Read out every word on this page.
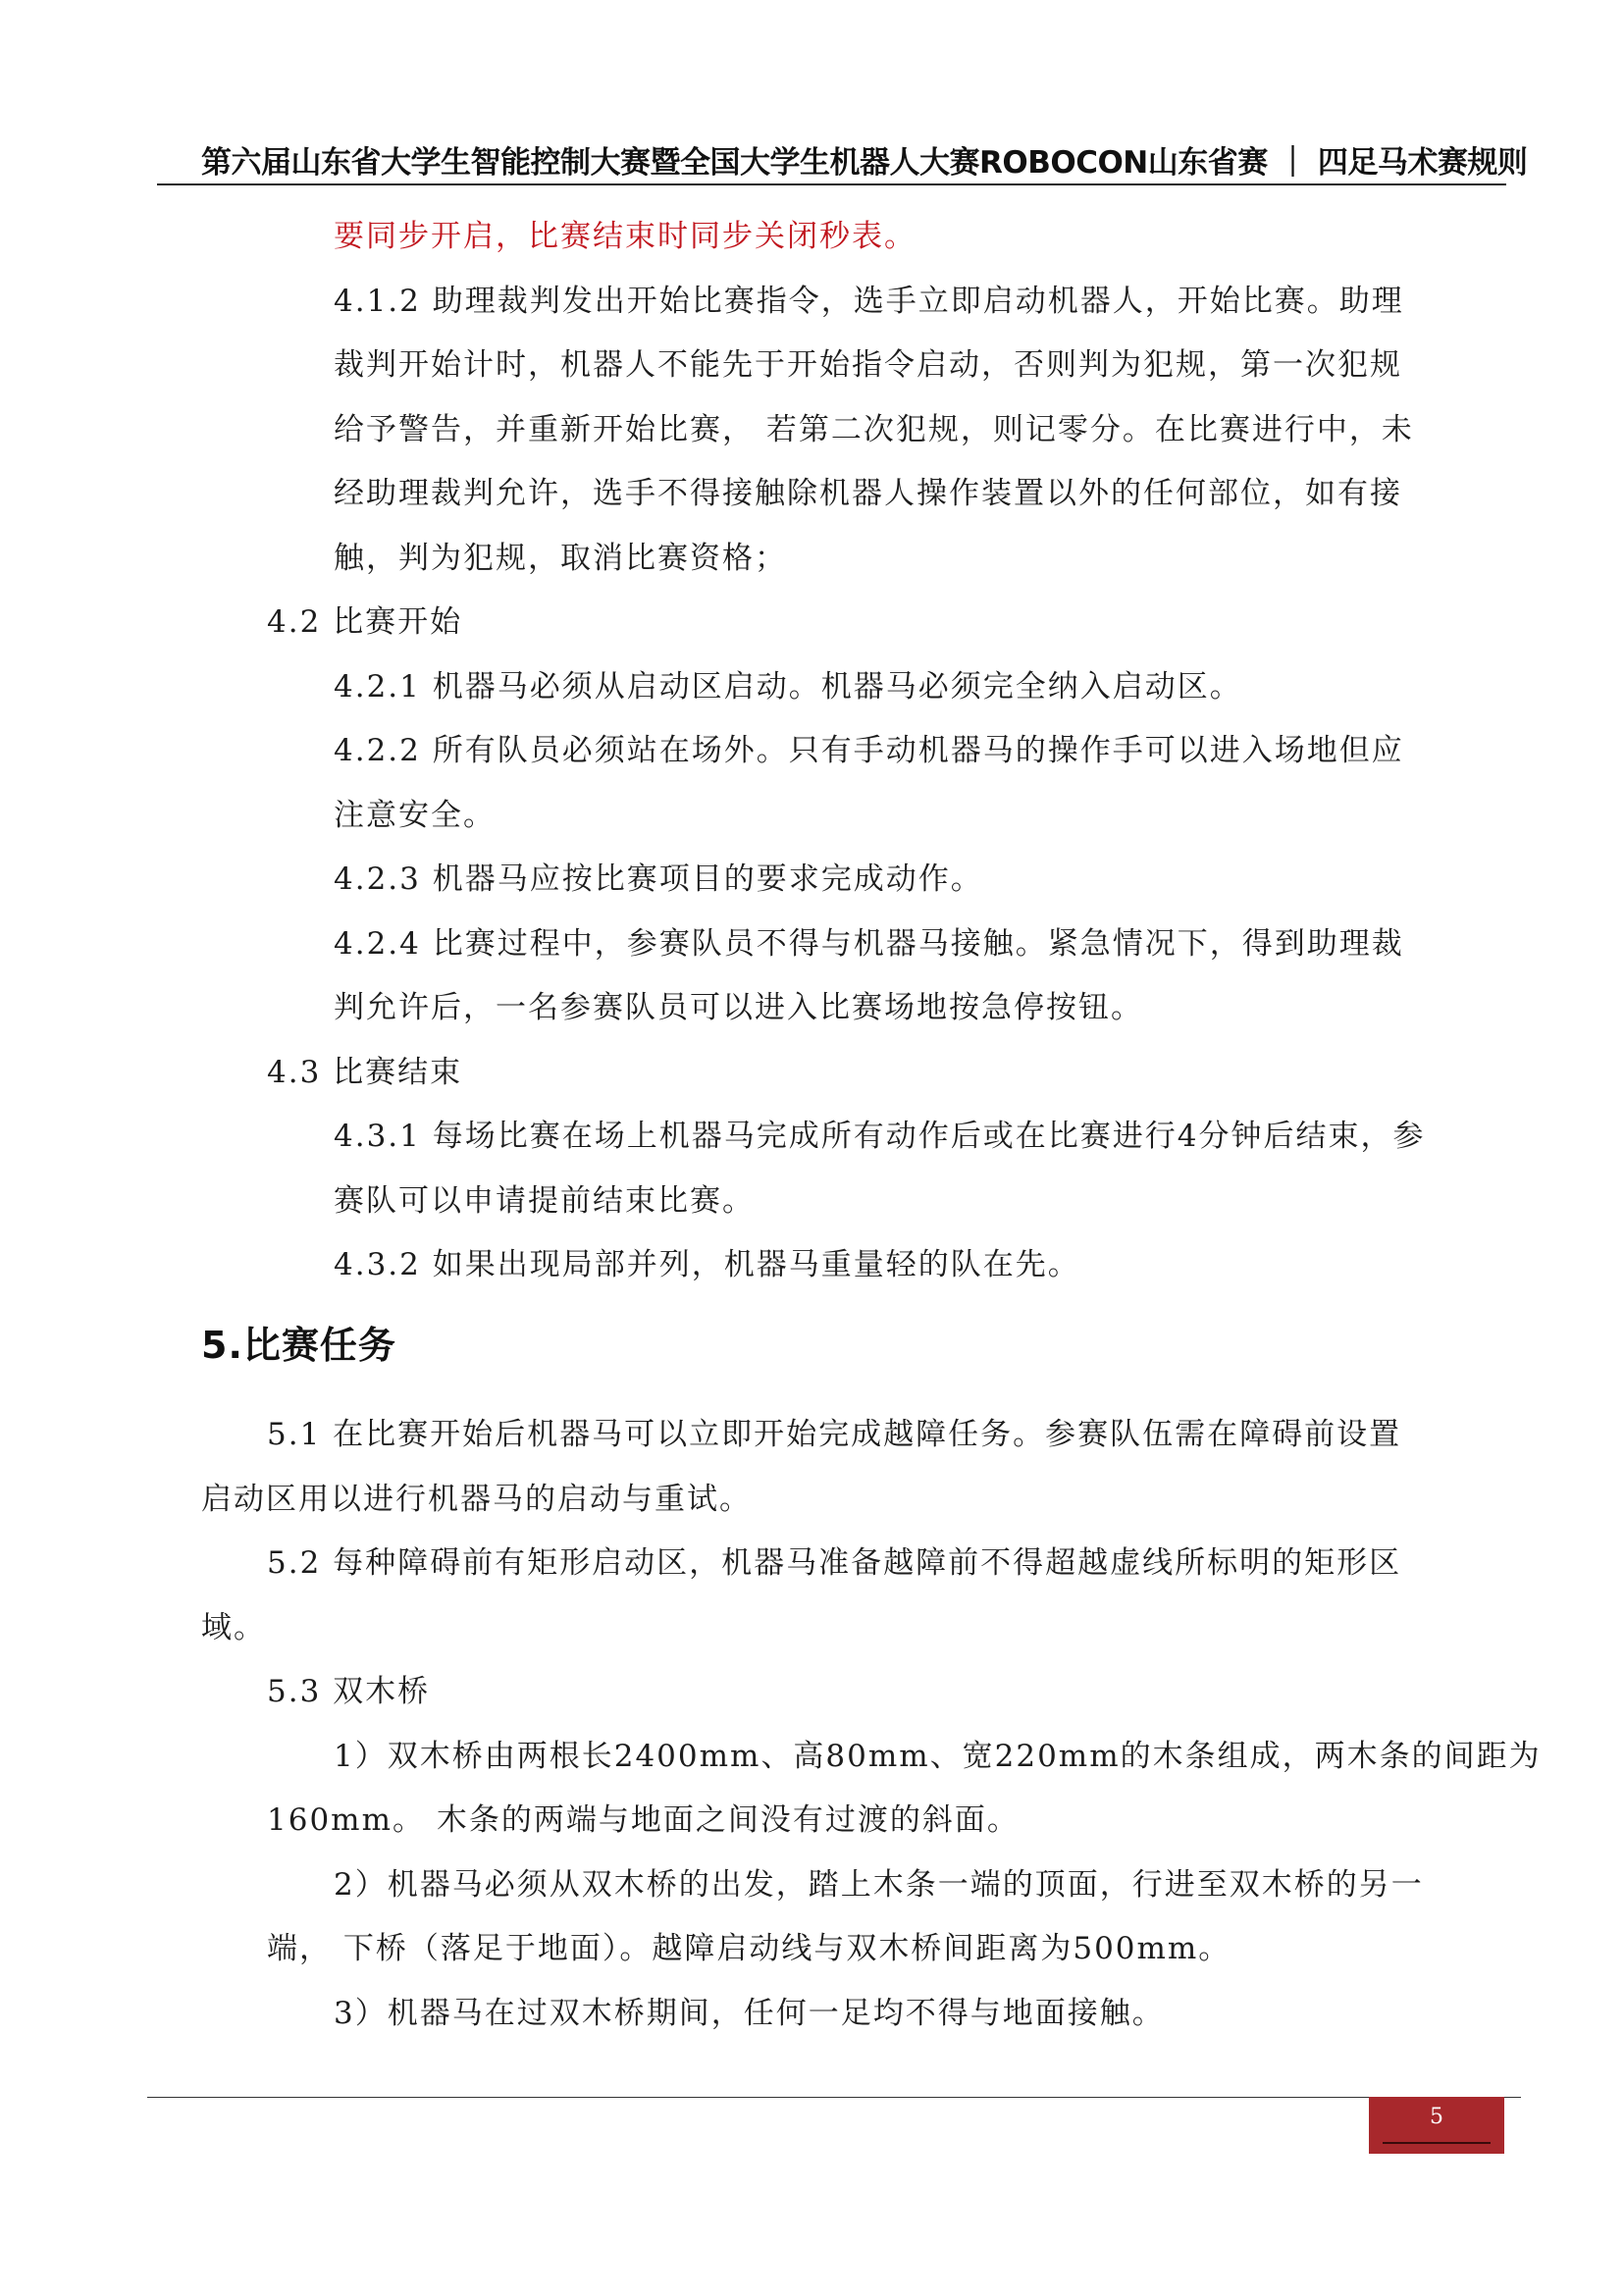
第六届山东省大学生智能控制大赛暨全国大学生机器人大赛ROBOCON山东省赛 ｜ 四足马术赛规则
要同步开启，比赛结束时同步关闭秒表。
4.1.2 助理裁判发出开始比赛指令，选手立即启动机器人，开始比赛。助理
裁判开始计时，机器人不能先于开始指令启动，否则判为犯规，第一次犯规
给予警告，并重新开始比赛， 若第二次犯规，则记零分。在比赛进行中，未
经助理裁判允许，选手不得接触除机器人操作装置以外的任何部位，如有接
触，判为犯规，取消比赛资格；
4.2 比赛开始
4.2.1 机器马必须从启动区启动。机器马必须完全纳入启动区。
4.2.2 所有队员必须站在场外。只有手动机器马的操作手可以进入场地但应
注意安全。
4.2.3 机器马应按比赛项目的要求完成动作。
4.2.4 比赛过程中，参赛队员不得与机器马接触。紧急情况下，得到助理裁
判允许后，一名参赛队员可以进入比赛场地按急停按钮。
4.3 比赛结束
4.3.1 每场比赛在场上机器马完成所有动作后或在比赛进行4分钟后结束，参
赛队可以申请提前结束比赛。
4.3.2 如果出现局部并列，机器马重量轻的队在先。
5.比赛任务
5.1 在比赛开始后机器马可以立即开始完成越障任务。参赛队伍需在障碍前设置
启动区用以进行机器马的启动与重试。
5.2 每种障碍前有矩形启动区，机器马准备越障前不得超越虚线所标明的矩形区
域。
5.3 双木桥
1）双木桥由两根长2400mm、高80mm、宽220mm的木条组成，两木条的间距为
160mm。 木条的两端与地面之间没有过渡的斜面。
2）机器马必须从双木桥的出发，踏上木条一端的顶面，行进至双木桥的另一
端， 下桥（落足于地面）。越障启动线与双木桥间距离为500mm。
3）机器马在过双木桥期间，任何一足均不得与地面接触。
5
